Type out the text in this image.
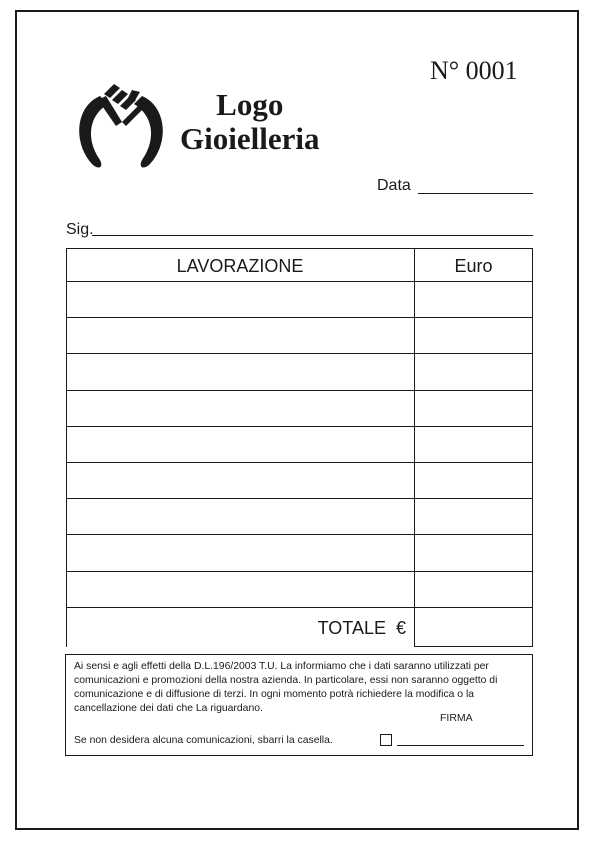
N° 0001
Logo
Gioielleria
Data
Sig.
LAVORAZIONE	Euro
TOTALE  €

Ai sensi e agli effetti della D.L.196/2003 T.U. La informiamo che i dati saranno utilizzati per comunicazioni e promozioni della nostra azienda. In particolare, essi non saranno oggetto di comunicazione e di diffusione di terzi. In ogni momento potrà richiedere la modifica o la cancellazione dei dati che La riguardano.

FIRMA
Se non desidera alcuna comunicazioni, sbarri la casella.
